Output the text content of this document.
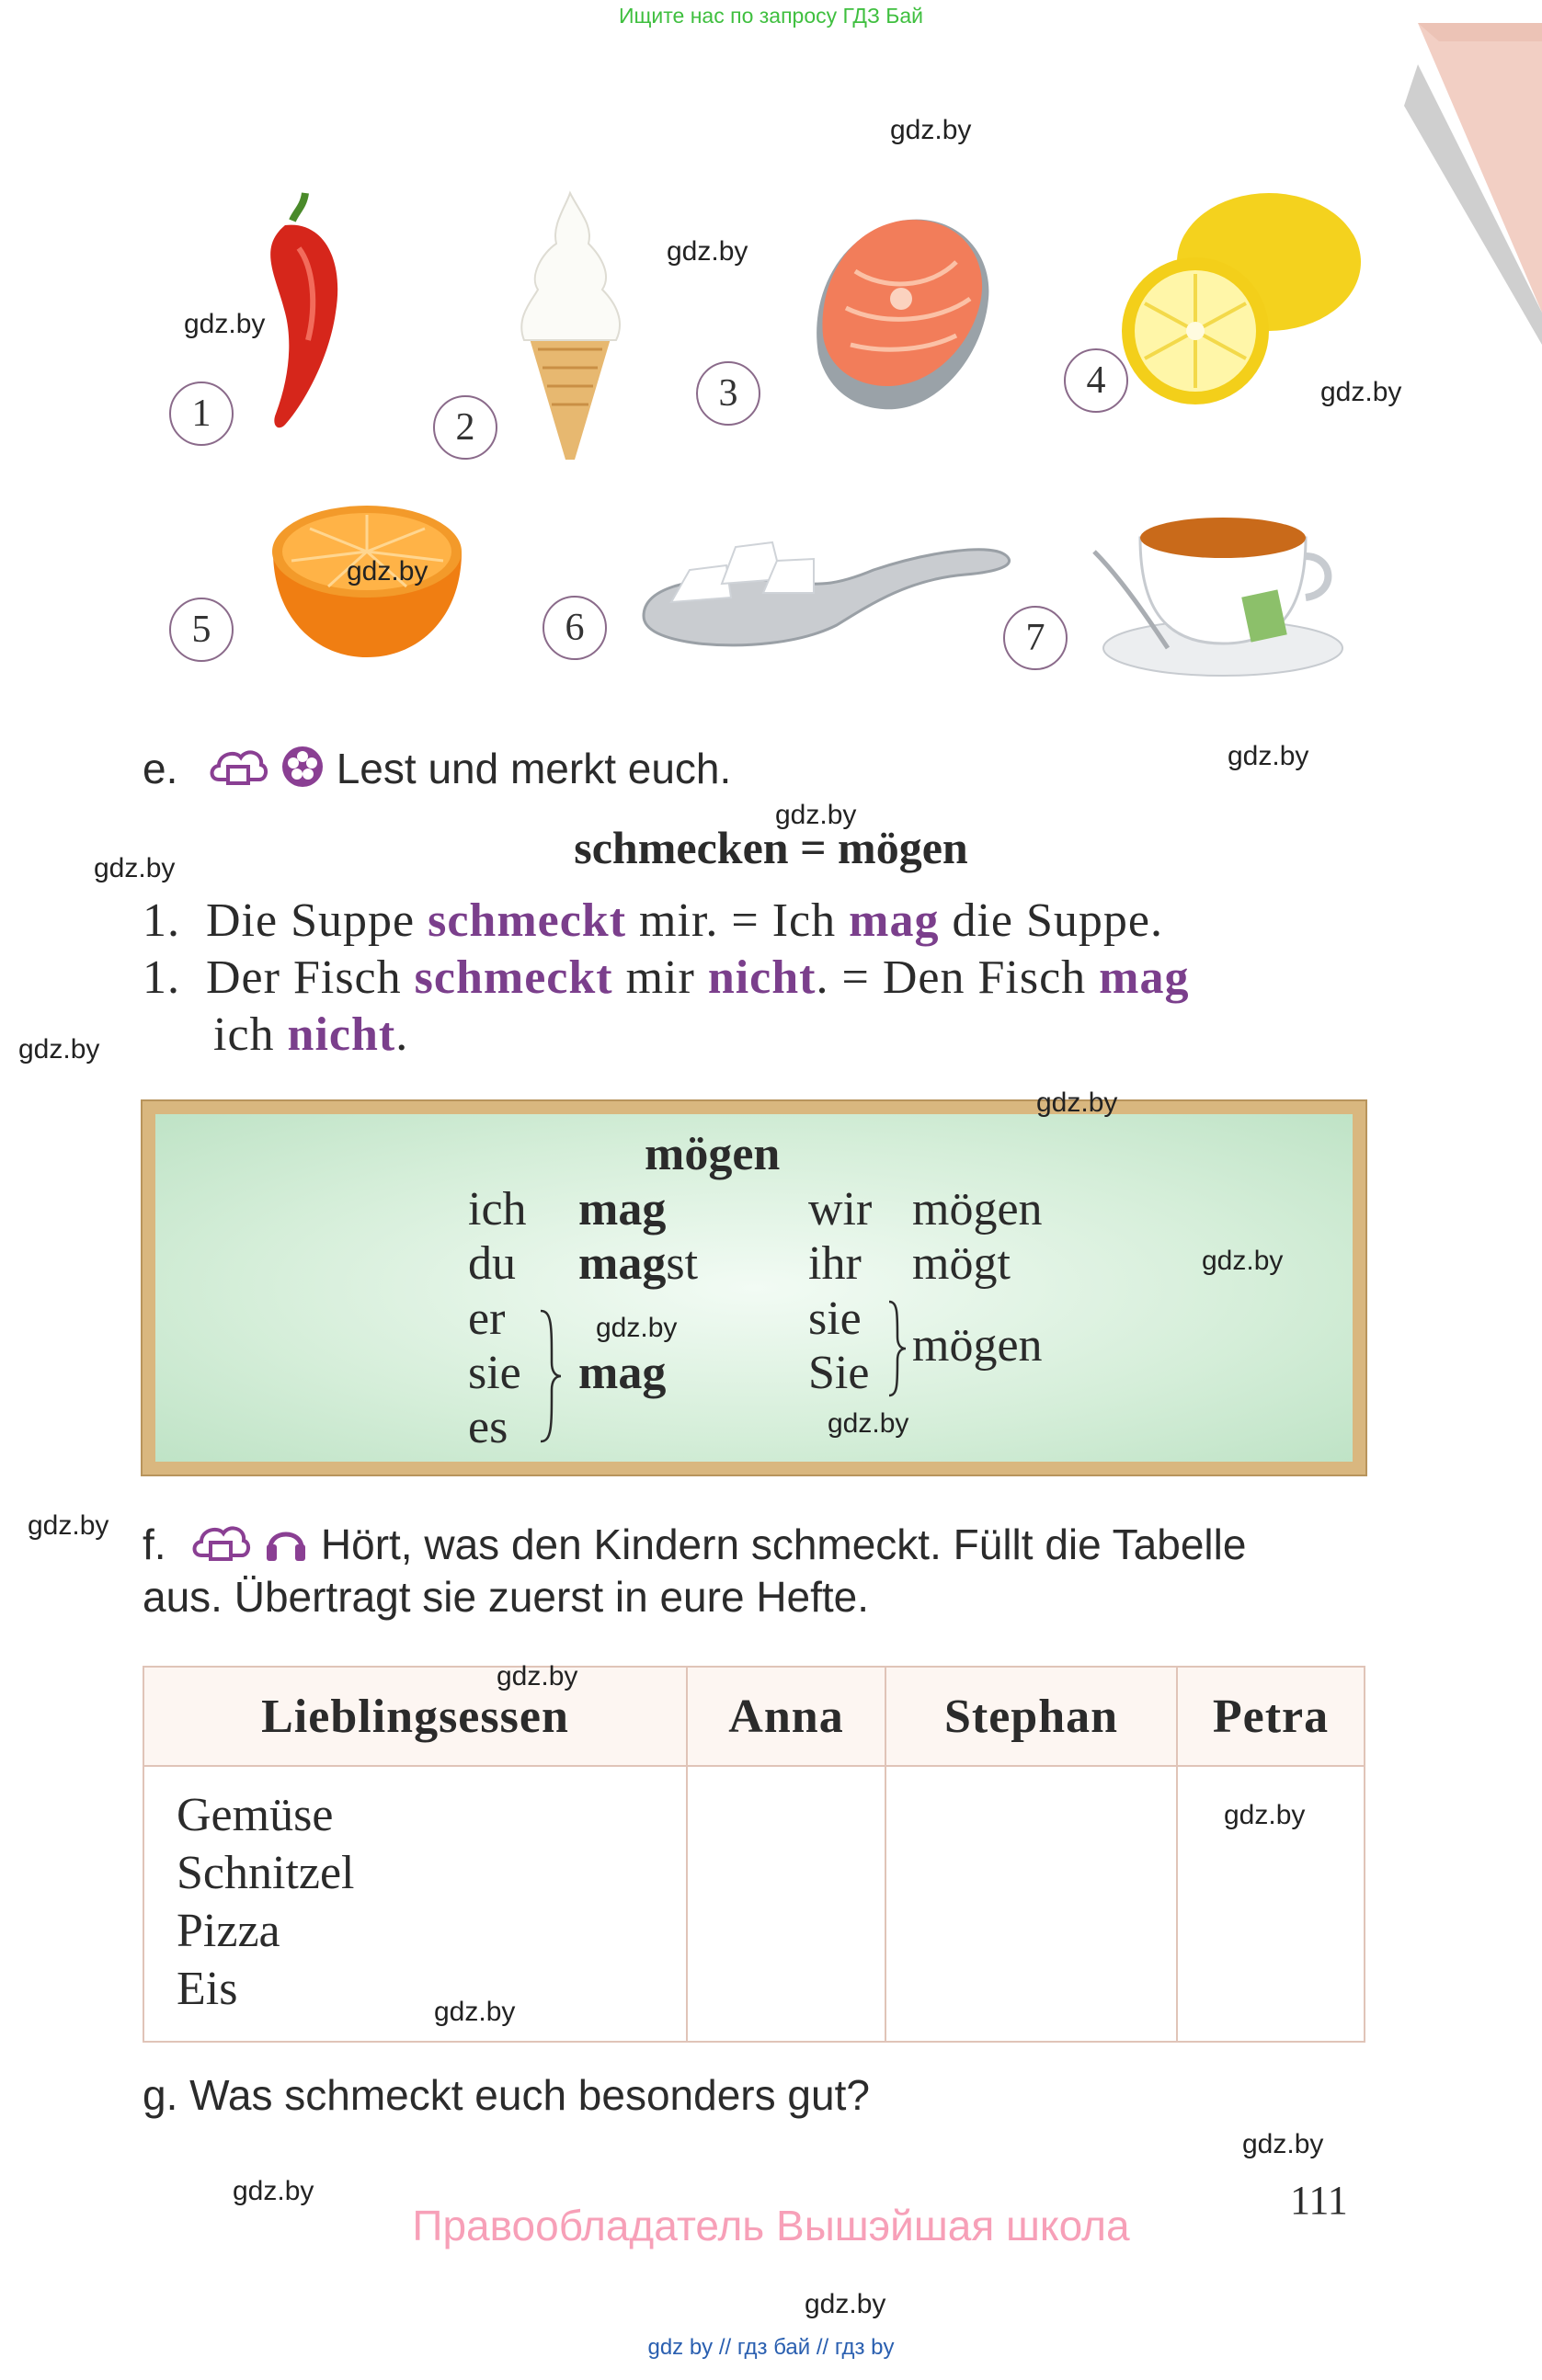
Ищите нас по запросу ГДЗ Бай
1	2
3	4
5	6	7
e.	Lest und merkt euch.
schmecken = mögen
1. Die Suppe schmeckt mir. = Ich mag die Suppe.
1. Der Fisch schmeckt mir nicht. = Den Fisch mag
ich nicht.
mögen
ich mag
du magst
er
sie
es
mag
wir mögen
ihr mögt
sie
Sie
mögen
f.	Hört, was den Kindern schmeckt. Füllt die Tabelle
aus. Übertragt sie zuerst in eure Hefte.
Lieblingsessen	Anna	Stephan	Petra

Gemüse
Schnitzel
Pizza
Eis			

g. Was schmeckt euch besonders gut?
111
Правообладатель Вышэйшая школа
gdz by // гдз бай // гдз by
gdz.by
gdz.by
gdz.by
gdz.by
gdz.by
gdz.by
gdz.by
gdz.by
gdz.by
gdz.by
gdz.by
gdz.by
gdz.by
gdz.by
gdz.by
gdz.by
gdz.by
gdz.by
gdz.by
gdz.by
